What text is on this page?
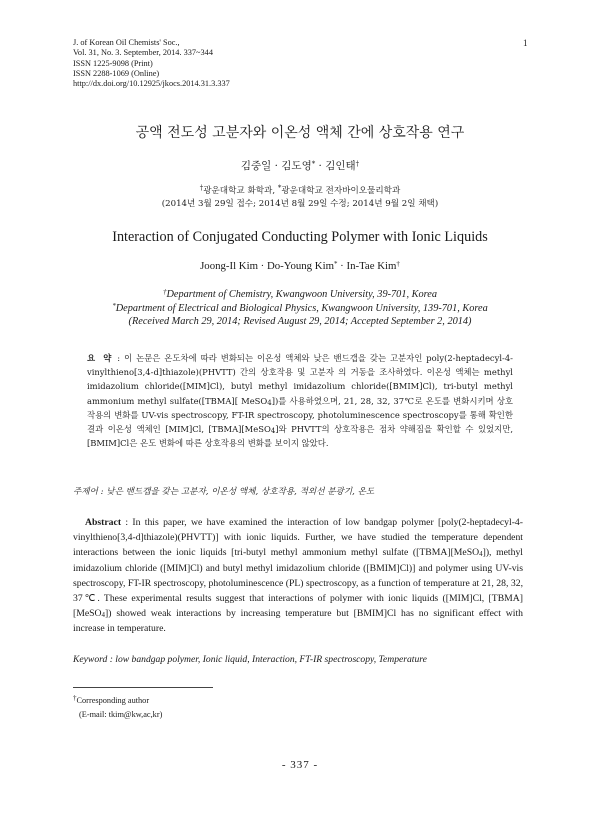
J. of Korean Oil Chemists' Soc.,
Vol. 31, No. 3. September, 2014. 337~344
ISSN 1225-9098 (Print)
ISSN 2288-1069 (Online)
http://dx.doi.org/10.12925/jkocs.2014.31.3.337
1
공액 전도성 고분자와 이온성 액체 간에 상호작용 연구
김중일 · 김도영* · 김인태†
†광운대학교 화학과, *광운대학교 전자바이오물리학과
(2014년 3월 29일 접수; 2014년 8월 29일 수정; 2014년 9월 2일 채택)
Interaction of Conjugated Conducting Polymer with Ionic Liquids
Joong-Il Kim · Do-Young Kim* · In-Tae Kim†
†Department of Chemistry, Kwangwoon University, 39-701, Korea
*Department of Electrical and Biological Physics, Kwangwoon University, 139-701, Korea
(Received March 29, 2014; Revised August 29, 2014; Accepted September 2, 2014)
요 약 : 이 논문은 온도차에 따라 변화되는 이온성 액체와 낮은 밴드갭을 갖는 고분자인 poly(2-heptadecyl-4-vinylthieno[3,4-d]thiazole)(PHVTT) 간의 상호작용 및 고분자 의 거동을 조사하였다. 이온성 액체는 methyl imidazolium chloride([MIM]Cl), butyl methyl imidazolium chloride([BMIM]Cl), tri-butyl methyl ammonium methyl sulfate([TBMA][ MeSO$_4$])를 사용하였으며, 21, 28, 32, 37℃로 온도를 변화시키며 상호작용의 변화를 UV-vis spectroscopy, FT-IR spectroscopy, photoluminescence spectroscopy를 통해 확인한 결과 이온성 액체인 [MIM]Cl, [TBMA][MeSO$_4$]와 PHVTT의 상호작용은 점차 약해짐을 확인할 수 있었지만, [BMIM]Cl은 온도 변화에 따른 상호작용의 변화를 보이지 않았다.
주제어 : 낮은 밴드갭을 갖는 고분자, 이온성 액체, 상호작용, 적외선 분광기, 온도
Abstract : In this paper, we have examined the interaction of low bandgap polymer [poly(2-heptadecyl-4-vinylthieno[3,4-d]thiazole)(PHVTT)] with ionic liquids. Further, we have studied the temperature dependent interactions between the ionic liquids [tri-butyl methyl ammonium methyl sulfate ([TBMA][MeSO$_4$]), methyl imidazolium chloride ([MIM]Cl) and butyl methyl imidazolium chloride ([BMIM]Cl)] and polymer using UV-vis spectroscopy, FT-IR spectroscopy, photoluminescence (PL) spectroscopy, as a function of temperature at 21, 28, 32, 37℃. These experimental results suggest that interactions of polymer with ionic liquids ([MIM]Cl, [TBMA][MeSO$_4$]) showed weak interactions by increasing temperature but [BMIM]Cl has no significant effect with increase in temperature.
Keyword : low bandgap polymer, Ionic liquid, Interaction, FT-IR spectroscopy, Temperature
†Corresponding author
(E-mail: tkim@kw,ac,kr)
- 337 -
